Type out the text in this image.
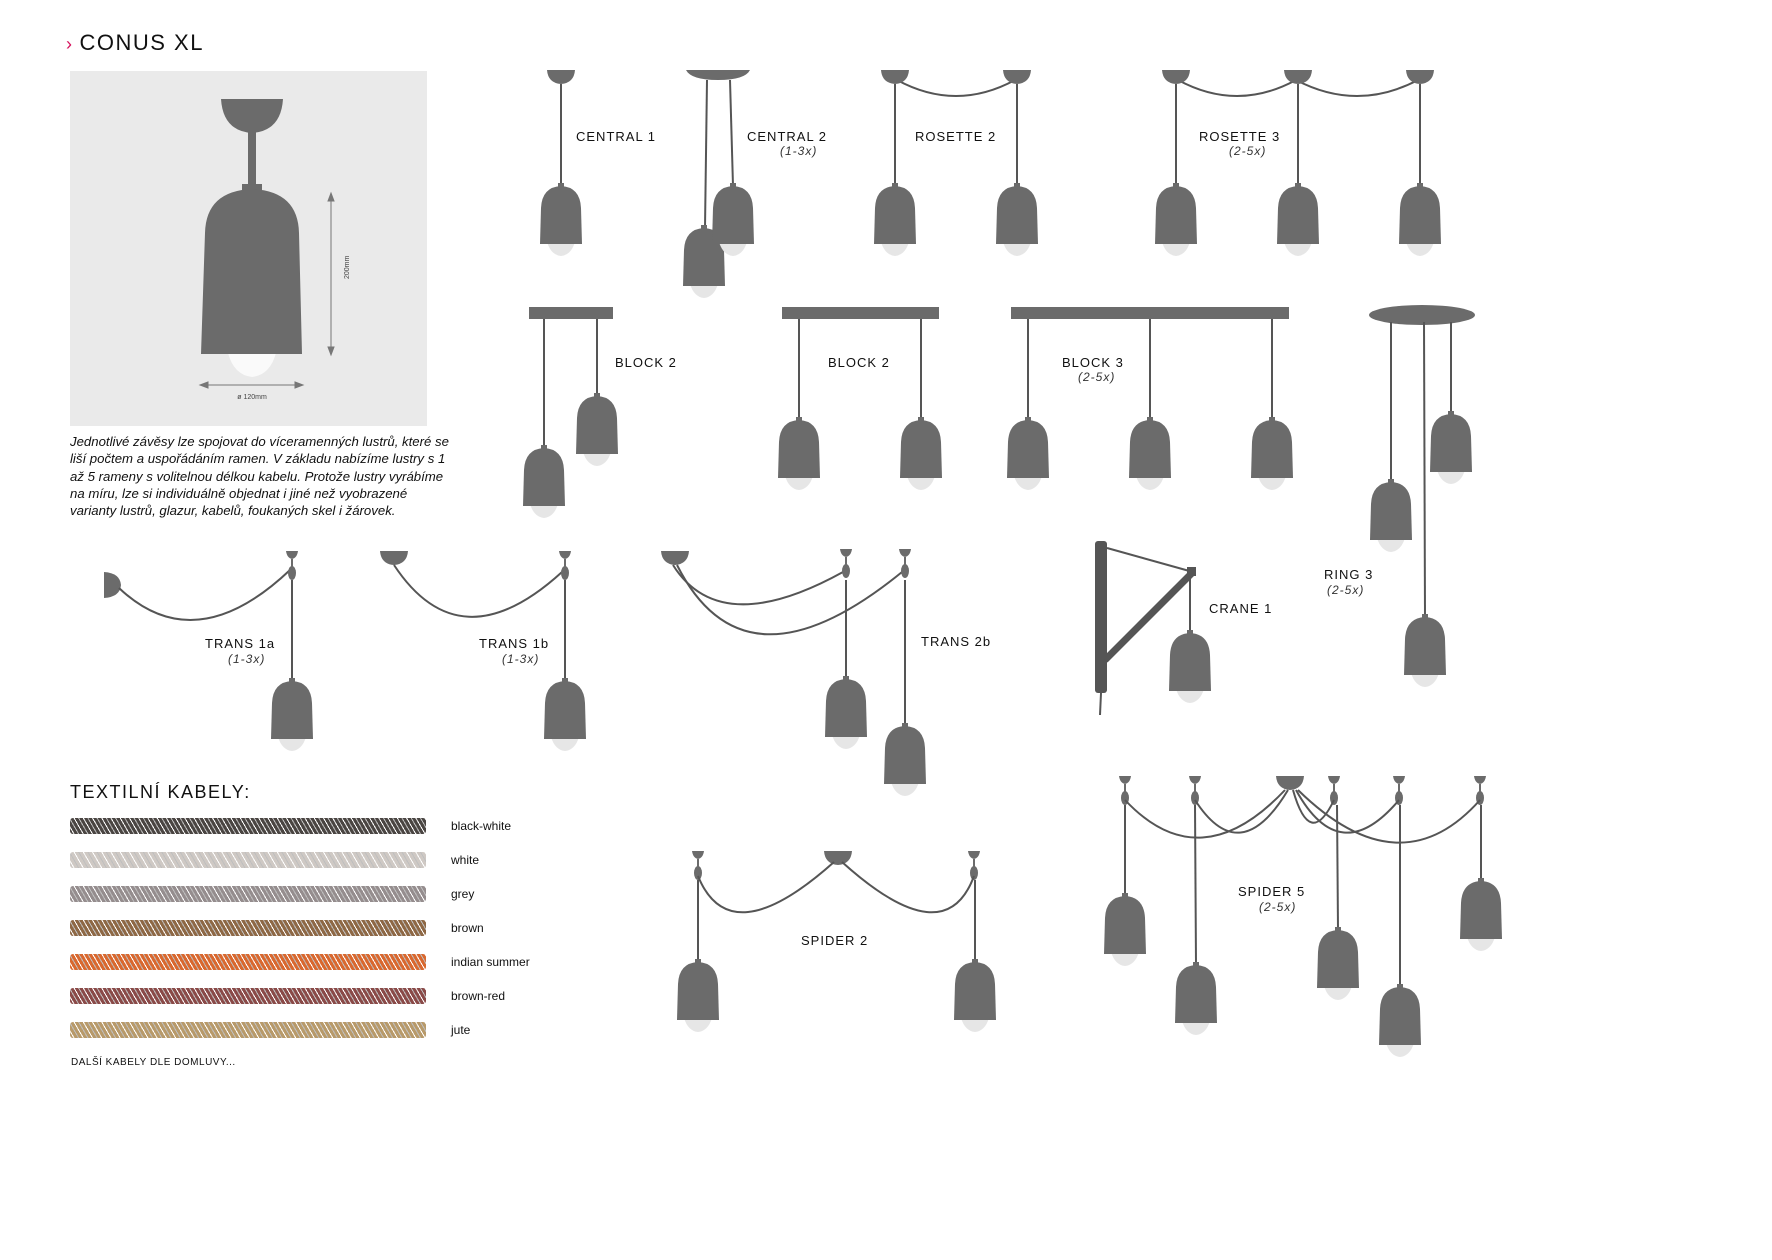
› CONUS XL
200mm
ø 120mm

Jednotlivé závěsy lze spojovat do víceramenných lustrů, které se liší počtem a uspořádáním ramen. V základu nabízíme lustry s 1 až 5 rameny s volitelnou délkou kabelu. Protože lustry vyrábíme na míru, lze si individuálně objednat i jiné než vyobrazené varianty lustrů, glazur, kabelů, foukaných skel i žárovek.

CENTRAL 1	CENTRAL 2
(1-3x)
ROSETTE 2	ROSETTE 3
(2-5x)
BLOCK 2	BLOCK 2	BLOCK 3
(2-5x)
RING 3
(2-5x)
TRANS 1a
(1-3x)
TRANS 1b
(1-3x)
TRANS 2b
CRANE 1
SPIDER 2
SPIDER 5
(2-5x)
TEXTILNÍ KABELY:
black-white
white
grey
brown
indian summer
brown-red
jute
DALŠÍ KABELY DLE DOMLUVY...
